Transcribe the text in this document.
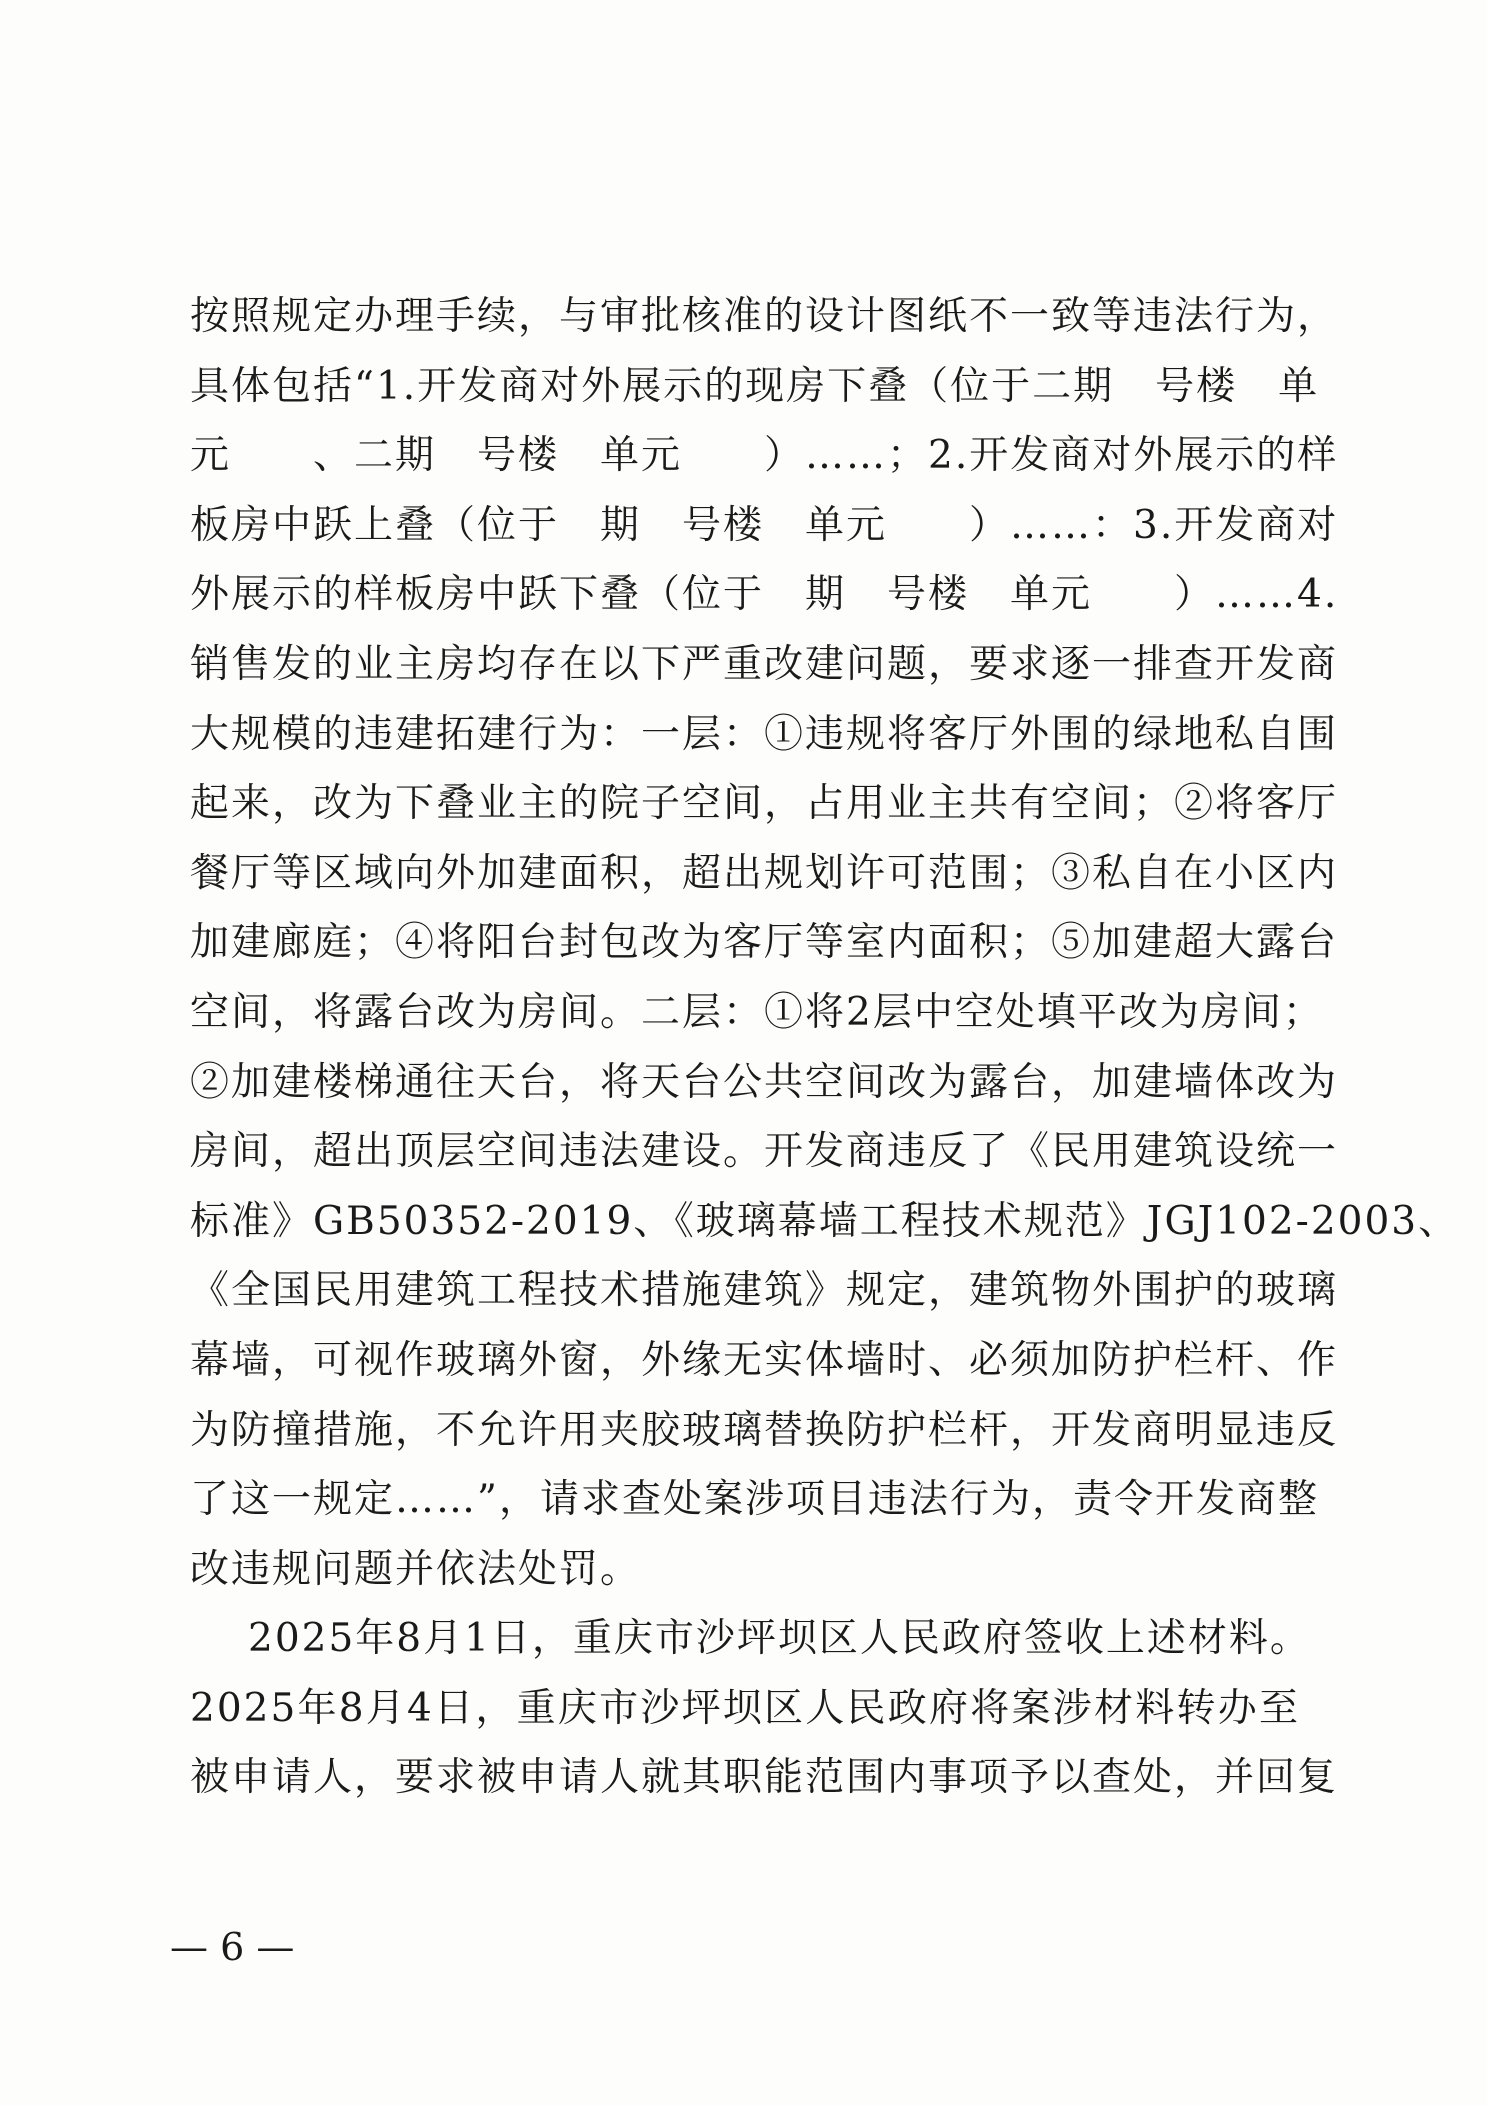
按照规定办理手续，与审批核准的设计图纸不一致等违法行为，
具体包括“1.开发商对外展示的现房下叠（位于二期　号楼　单
元　　、二期　号楼　单元　　）……；2.开发商对外展示的样
板房中跃上叠（位于　期　号楼　单元　　）……：3.开发商对
外展示的样板房中跃下叠（位于　期　号楼　单元　　）……4.
销售发的业主房均存在以下严重改建问题，要求逐一排查开发商
大规模的违建拓建行为：一层：①违规将客厅外围的绿地私自围
起来，改为下叠业主的院子空间，占用业主共有空间；②将客厅
餐厅等区域向外加建面积，超出规划许可范围；③私自在小区内
加建廊庭；④将阳台封包改为客厅等室内面积；⑤加建超大露台
空间，将露台改为房间。二层：①将2层中空处填平改为房间；
②加建楼梯通往天台，将天台公共空间改为露台，加建墙体改为
房间，超出顶层空间违法建设。开发商违反了《民用建筑设统一
标准》GB50352-2019、《玻璃幕墙工程技术规范》JGJ102-2003、
《全国民用建筑工程技术措施建筑》规定，建筑物外围护的玻璃
幕墙，可视作玻璃外窗，外缘无实体墙时、必须加防护栏杆、作
为防撞措施，不允许用夹胶玻璃替换防护栏杆，开发商明显违反
了这一规定……”，请求查处案涉项目违法行为，责令开发商整
改违规问题并依法处罚。
2025年8月1日，重庆市沙坪坝区人民政府签收上述材料。
2025年8月4日，重庆市沙坪坝区人民政府将案涉材料转办至
被申请人，要求被申请人就其职能范围内事项予以查处，并回复
— 6 —
